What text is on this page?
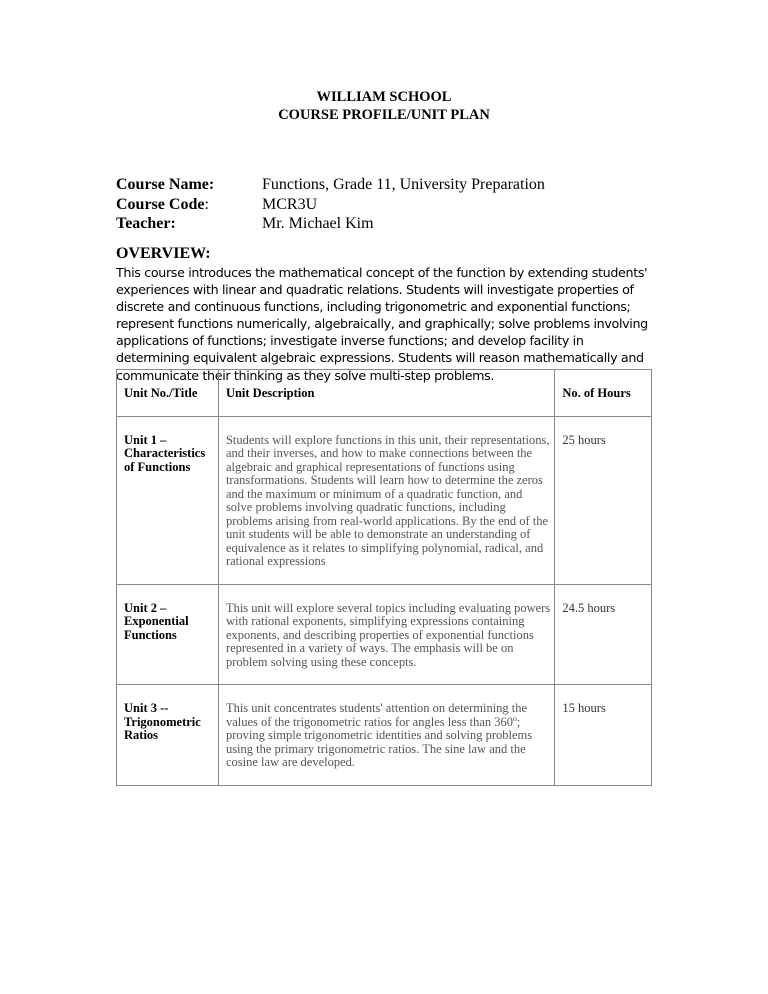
WILLIAM SCHOOL
COURSE PROFILE/UNIT PLAN
Course Name:	Functions, Grade 11, University Preparation
Course Code:	MCR3U
Teacher:	Mr. Michael Kim
OVERVIEW:
This course introduces the mathematical concept of the function by extending students' experiences with linear and quadratic relations. Students will investigate properties of discrete and continuous functions, including trigonometric and exponential functions; represent functions numerically, algebraically, and graphically; solve problems involving applications of functions; investigate inverse functions; and develop facility in determining equivalent algebraic expressions. Students will reason mathematically and communicate their thinking as they solve multi-step problems.
Unit No./Title	Unit Description	No. of Hours

Unit 1 – Characteristics of Functions	Students will explore functions in this unit, their representations, and their inverses, and how to make connections between the algebraic and graphical representations of functions using transformations. Students will learn how to determine the zeros and the maximum or minimum of a quadratic function, and solve problems involving quadratic functions, including problems arising from real-world applications. By the end of the unit students will be able to demonstrate an understanding of equivalence as it relates to simplifying polynomial, radical, and rational expressions	25 hours

Unit 2 – Exponential Functions	This unit will explore several topics including evaluating powers with rational exponents, simplifying expressions containing exponents, and describing properties of exponential functions represented in a variety of ways. The emphasis will be on problem solving using these concepts.	24.5 hours

Unit 3 -- Trigonometric Ratios	This unit concentrates students' attention on determining the values of the trigonometric ratios for angles less than 360º; proving simple trigonometric identities and solving problems using the primary trigonometric ratios. The sine law and the cosine law are developed.	15 hours
